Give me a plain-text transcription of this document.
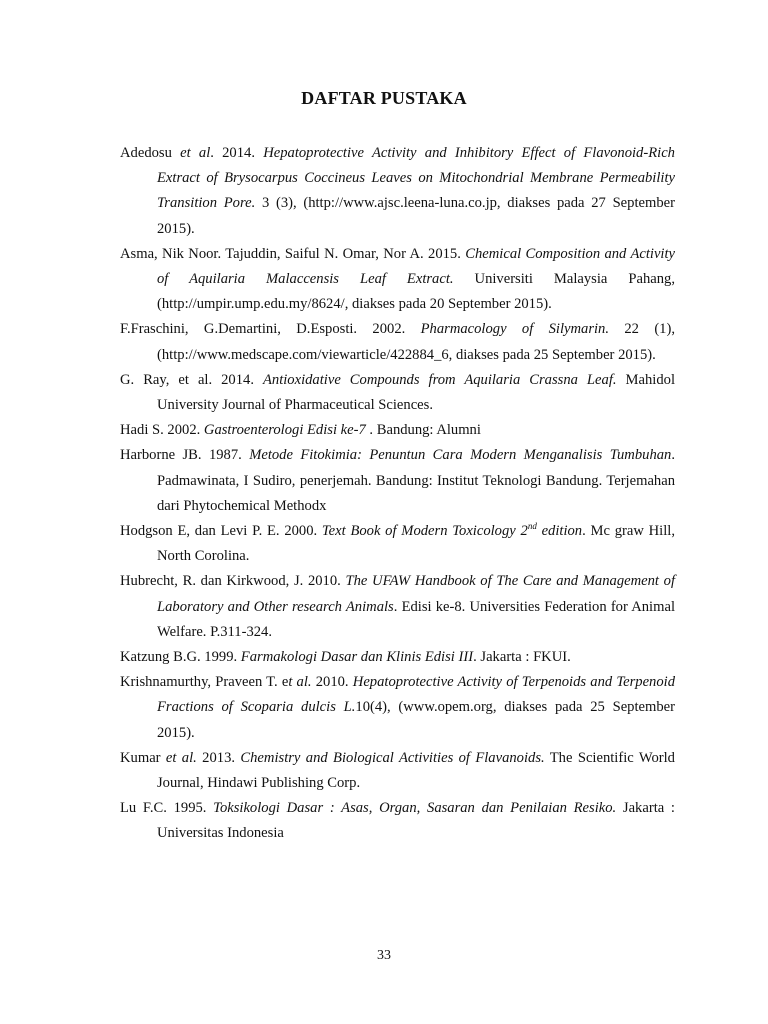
DAFTAR PUSTAKA

Adedosu et al. 2014. Hepatoprotective Activity and Inhibitory Effect of Flavonoid-Rich Extract of Brysocarpus Coccineus Leaves on Mitochondrial Membrane Permeability Transition Pore. 3 (3), (http://www.ajsc.leena-luna.co.jp, diakses pada 27 September 2015).

Asma, Nik Noor. Tajuddin, Saiful N. Omar, Nor A. 2015. Chemical Composition and Activity of Aquilaria Malaccensis Leaf Extract. Universiti Malaysia Pahang, (http://umpir.ump.edu.my/8624/, diakses pada 20 September 2015).

F.Fraschini, G.Demartini, D.Esposti. 2002. Pharmacology of Silymarin. 22 (1), (http://www.medscape.com/viewarticle/422884_6, diakses pada 25 September 2015).

G. Ray, et al. 2014. Antioxidative Compounds from Aquilaria Crassna Leaf. Mahidol University Journal of Pharmaceutical Sciences.

Hadi S. 2002. Gastroenterologi Edisi ke-7 . Bandung: Alumni

Harborne JB. 1987. Metode Fitokimia: Penuntun Cara Modern Menganalisis Tumbuhan. Padmawinata, I Sudiro, penerjemah. Bandung: Institut Teknologi Bandung. Terjemahan dari Phytochemical Methodx

Hodgson E, dan Levi P. E. 2000. Text Book of Modern Toxicology 2nd edition. Mc graw Hill, North Corolina.

Hubrecht, R. dan Kirkwood, J. 2010. The UFAW Handbook of The Care and Management of Laboratory and Other research Animals. Edisi ke-8. Universities Federation for Animal Welfare. P.311-324.

Katzung B.G. 1999. Farmakologi Dasar dan Klinis Edisi III. Jakarta : FKUI.

Krishnamurthy, Praveen T. et al. 2010. Hepatoprotective Activity of Terpenoids and Terpenoid Fractions of Scoparia dulcis L.10(4), (www.opem.org, diakses pada 25 September 2015).

Kumar et al. 2013. Chemistry and Biological Activities of Flavanoids. The Scientific World Journal, Hindawi Publishing Corp.

Lu F.C. 1995. Toksikologi Dasar : Asas, Organ, Sasaran dan Penilaian Resiko. Jakarta : Universitas Indonesia

33
